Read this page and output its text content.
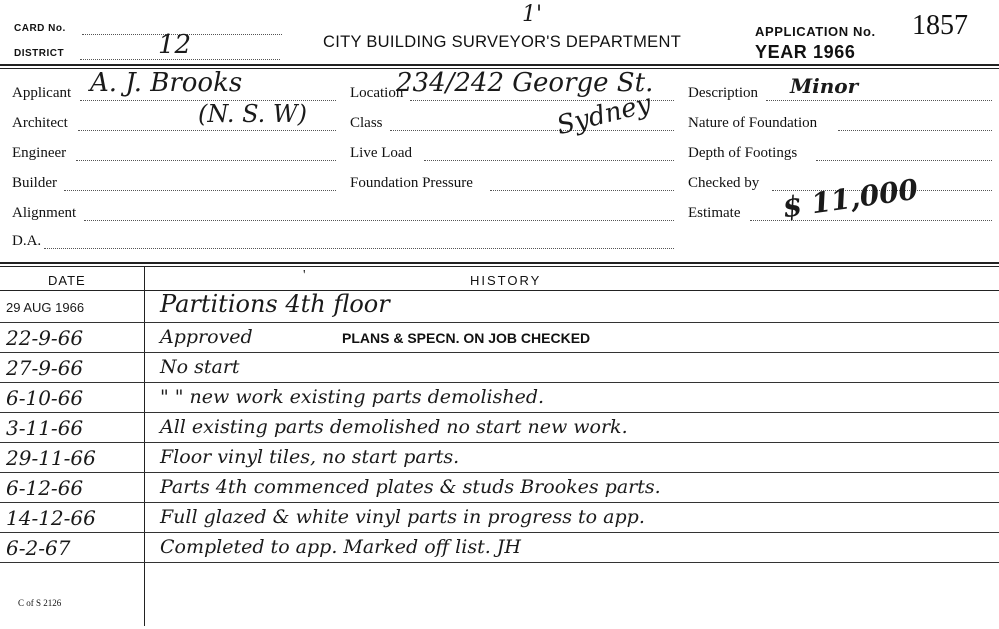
CARD No.
DISTRICT	12
1'
CITY BUILDING SURVEYOR'S DEPARTMENT
APPLICATION No. 1857
YEAR 1966
Applicant A. J. Brooks
Architect	(N. S. W)
Engineer
Builder
Alignment
D.A.
Location
234/242 George St.
Class	Sydney
Live Load
Foundation Pressure
Description Minor
Nature of Foundation
Depth of Footings
Checked by
Estimate $ 11,000
DATE	HISTORY
'
29 AUG 1966	Partitions 4th floor
22-9-66	Approved	PLANS & SPECN. ON JOB CHECKED
27-9-66	No start
6-10-66	" " new work existing parts demolished.
3-11-66	All existing parts demolished no start new work.
29-11-66	Floor vinyl tiles, no start parts.
6-12-66	Parts 4th commenced plates & studs Brookes parts.
14-12-66	Full glazed & white vinyl parts in progress to app.
6-2-67	Completed to app. Marked off list. JH
C of S 2126
